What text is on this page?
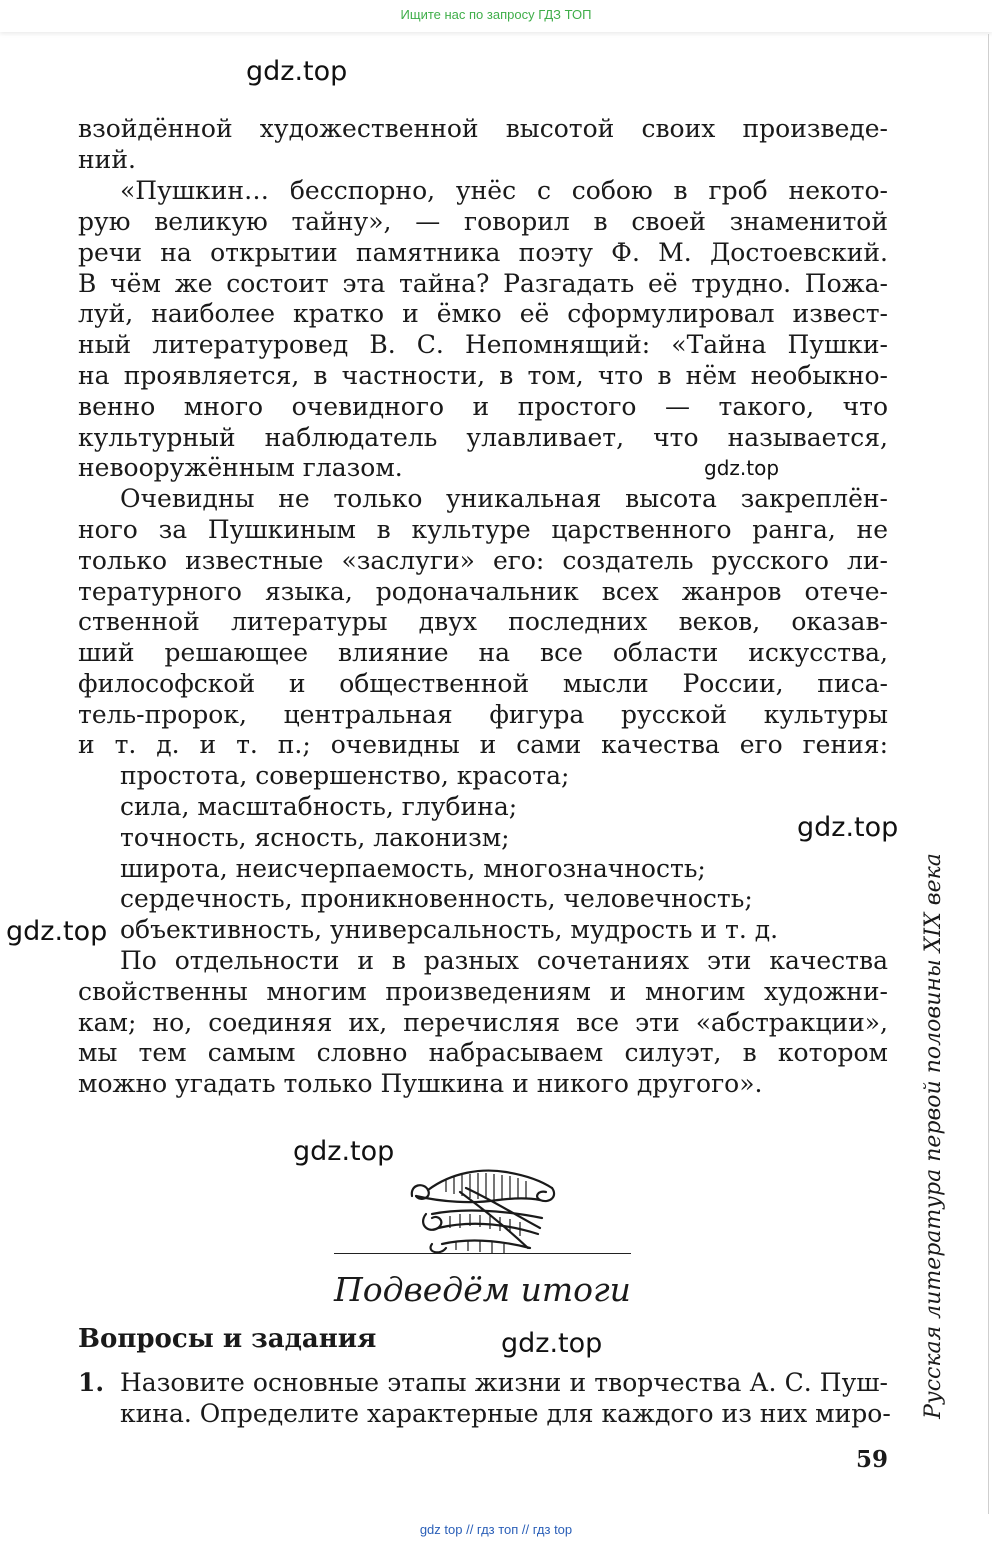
Ищите нас по запросу ГДЗ ТОП
gdz.top
взойдённой художественной высотой своих произведе-
ний.
«Пушкин… бесспорно, унёс с собою в гроб некото-
рую великую тайну», — говорил в своей знаменитой
речи на открытии памятника поэту Ф. М. Достоевский.
В чём же состоит эта тайна? Разгадать её трудно. Пожа-
луй, наиболее кратко и ёмко её сформулировал извест-
ный литературовед В. С. Непомнящий: «Тайна Пушки-
на проявляется, в частности, в том, что в нём необыкно-
венно много очевидного и простого — такого, что
культурный наблюдатель улавливает, что называется,
невооружённым глазом.	gdz.top
Очевидны не только уникальная высота закреплён-
ного за Пушкиным в культуре царственного ранга, не
только известные «заслуги» его: создатель русского ли-
тературного языка, родоначальник всех жанров отече-
ственной литературы двух последних веков, оказав-
ший решающее влияние на все области искусства,
философской и общественной мысли России, писа-
тель-пророк, центральная фигура русской культуры
и т. д. и т. п.; очевидны и сами качества его гения:
простота, совершенство, красота;
сила, масштабность, глубина;
точность, ясность, лаконизм;	gdz.top
широта, неисчерпаемость, многозначность;
сердечность, проникновенность, человечность;
объективность, универсальность, мудрость и т. д.
gdz.top
По отдельности и в разных сочетаниях эти качества
свойственны многим произведениям и многим художни-
кам; но, соединяя их, перечисляя все эти «абстракции»,
мы тем самым словно набрасываем силуэт, в котором
можно угадать только Пушкина и никого другого».
gdz.top
Подведём итоги
Вопросы и задания	gdz.top
1. Назовите основные этапы жизни и творчества А. С. Пуш-
кина. Определите характерные для каждого из них миро- Русская литература первой половины XIX века
59
gdz top // гдз топ // гдз top
